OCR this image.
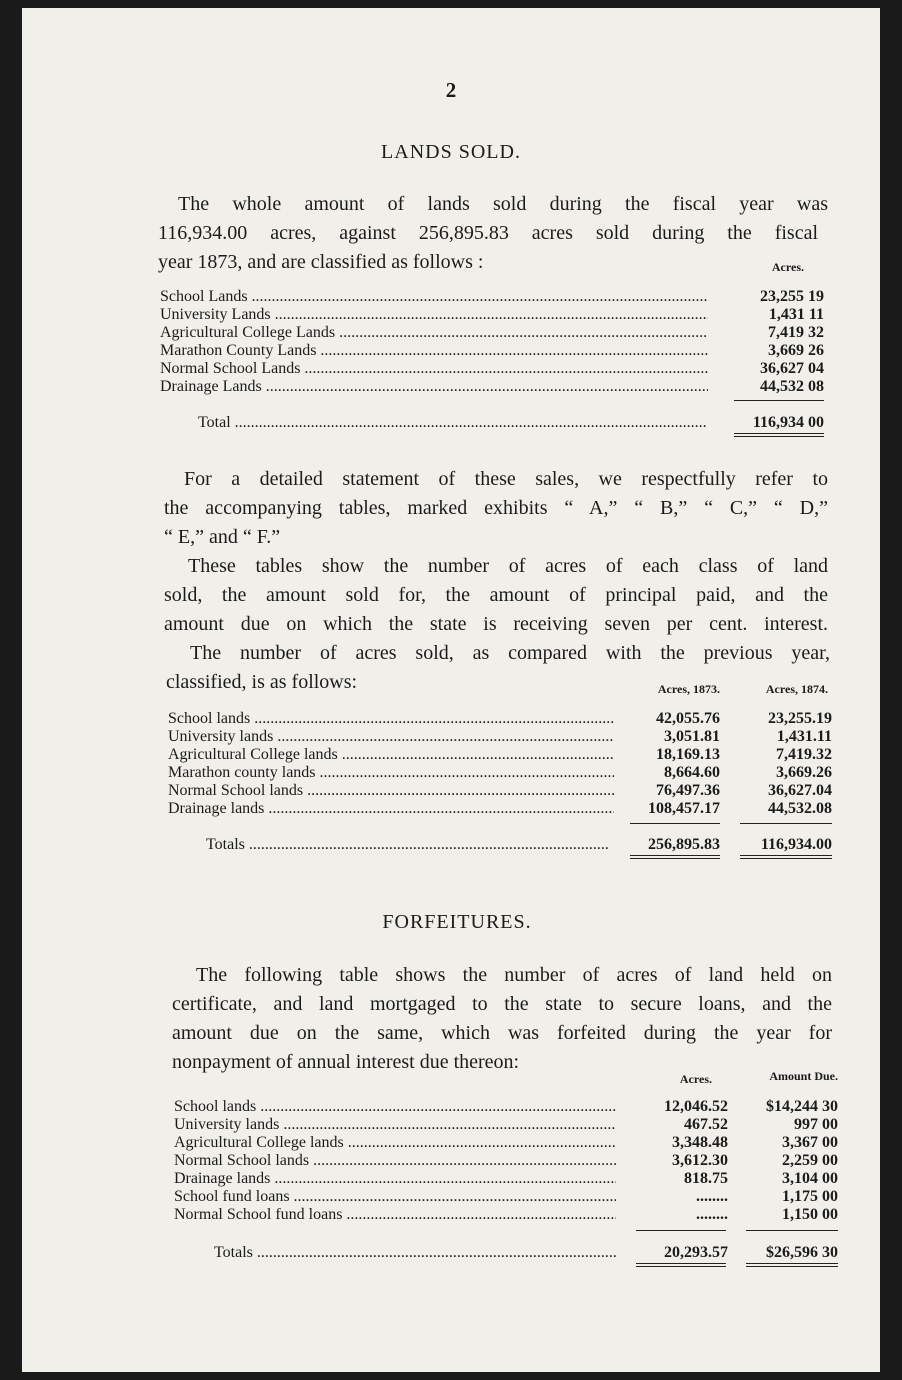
2
LANDS SOLD.

The whole amount of lands sold during the fiscal year was

116,934.00 acres, against 256,895.83 acres sold during the fiscal

year 1873, and are classified as follows :	Acres.
School Lands .....	23,255 19
University Lands .....	1,431 11
Agricultural College Lands .....	7,419 32
Marathon County Lands .....	3,669 26
Normal School Lands .....	36,627 04
Drainage Lands .....	44,532 08
Total .....	116,934 00

For a detailed statement of these sales, we respectfully refer to

the accompanying tables, marked exhibits “ A,” “ B,” “ C,” “ D,”

“ E,” and “ F.”

These tables show the number of acres of each class of land

sold, the amount sold for, the amount of principal paid, and the

amount due on which the state is receiving seven per cent. interest.

The number of acres sold, as compared with the previous year,

classified, is as follows:	Acres, 1873.	Acres, 1874.
School lands .....	42,055.76	23,255.19
University lands .....	3,051.81	1,431.11
Agricultural College lands .....	18,169.13	7,419.32
Marathon county lands .....	8,664.60	3,669.26
Normal School lands .....	76,497.36	36,627.04
Drainage lands .....	108,457.17	44,532.08
Totals .....	256,895.83	116,934.00
FORFEITURES.

The following table shows the number of acres of land held on

certificate, and land mortgaged to the state to secure loans, and the

amount due on the same, which was forfeited during the year for

nonpayment of annual interest due thereon:

Acres.	Amount Due.
School lands .....	12,046.52 $14,244 30
University lands .....	467.52	997 00
Agricultural College lands .....	3,348.48	3,367 00
Normal School lands .....	3,612.30	2,259 00
Drainage lands .....	818.75	3,104 00
School fund loans .....	........	1,175 00
Normal School fund loans .....	........	1,150 00
Totals .....	20,293.57 $26,596 30
